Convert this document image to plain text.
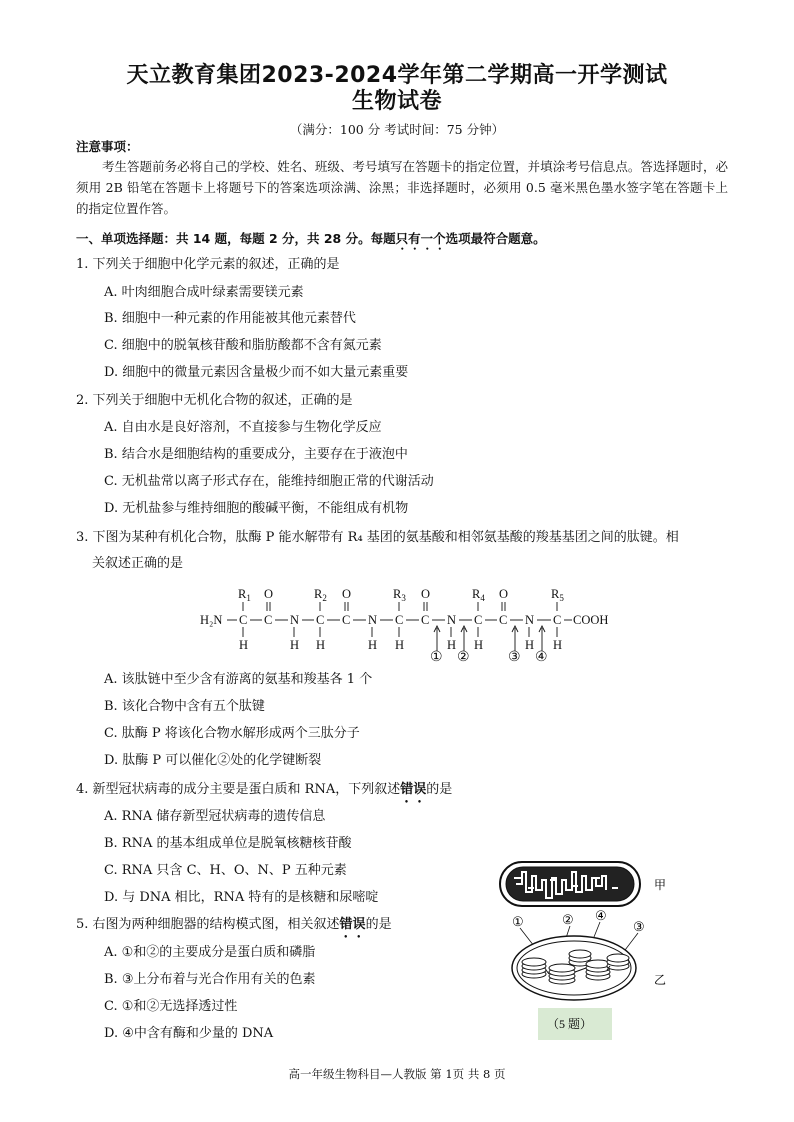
天立教育集团2023-2024学年第二学期高一开学测试
生物试卷
（满分：100 分 考试时间：75 分钟）
注意事项：
考生答题前务必将自己的学校、姓名、班级、考号填写在答题卡的指定位置，并填涂考号信息点。答选择题时，必须用 2B 铅笔在答题卡上将题号下的答案选项涂满、涂黑；非选择题时，必须用 0.5 毫米黑色墨水签字笔在答题卡上的指定位置作答。
一、单项选择题：共 14 题，每题 2 分，共 28 分。每题只有一个选项最符合题意。
1. 下列关于细胞中化学元素的叙述，正确的是
A. 叶肉细胞合成叶绿素需要镁元素
B. 细胞中一种元素的作用能被其他元素替代
C. 细胞中的脱氧核苷酸和脂肪酸都不含有氮元素
D. 细胞中的微量元素因含量极少而不如大量元素重要
2. 下列关于细胞中无机化合物的叙述，正确的是
A. 自由水是良好溶剂，不直接参与生物化学反应
B. 结合水是细胞结构的重要成分，主要存在于液泡中
C. 无机盐常以离子形式存在，能维持细胞正常的代谢活动
D. 无机盐参与维持细胞的酸碱平衡，不能组成有机物
3. 下图为某种有机化合物，肽酶 P 能水解带有 R₄ 基团的氨基酸和相邻氨基酸的羧基基团之间的肽键。相
关叙述正确的是
H₂N
$R_1$
C
H
O
C N
H
$R_2$
C
H
O
C N
H
$R_3$
C
H
O
C N
H
$R_4$
C
H
O
C N
H
$R_5$
C
H
COOH
① ②	③ ④
A. 该肽链中至少含有游离的氨基和羧基各 1 个
B. 该化合物中含有五个肽键
C. 肽酶 P 将该化合物水解形成两个三肽分子
D. 肽酶 P 可以催化②处的化学键断裂
4. 新型冠状病毒的成分主要是蛋白质和 RNA，下列叙述错误的是
A. RNA 储存新型冠状病毒的遗传信息
B. RNA 的基本组成单位是脱氧核糖核苷酸
C. RNA 只含 C、H、O、N、P 五种元素
D. 与 DNA 相比，RNA 特有的是核糖和尿嘧啶
5. 右图为两种细胞器的结构模式图，相关叙述错误的是
A. ①和②的主要成分是蛋白质和磷脂
B. ③上分布着与光合作用有关的色素
C. ①和②无选择透过性
D. ④中含有酶和少量的 DNA
甲
①	② ④
③
乙
（5 题）
高一年级生物科目—人教版 第 1页 共 8 页
